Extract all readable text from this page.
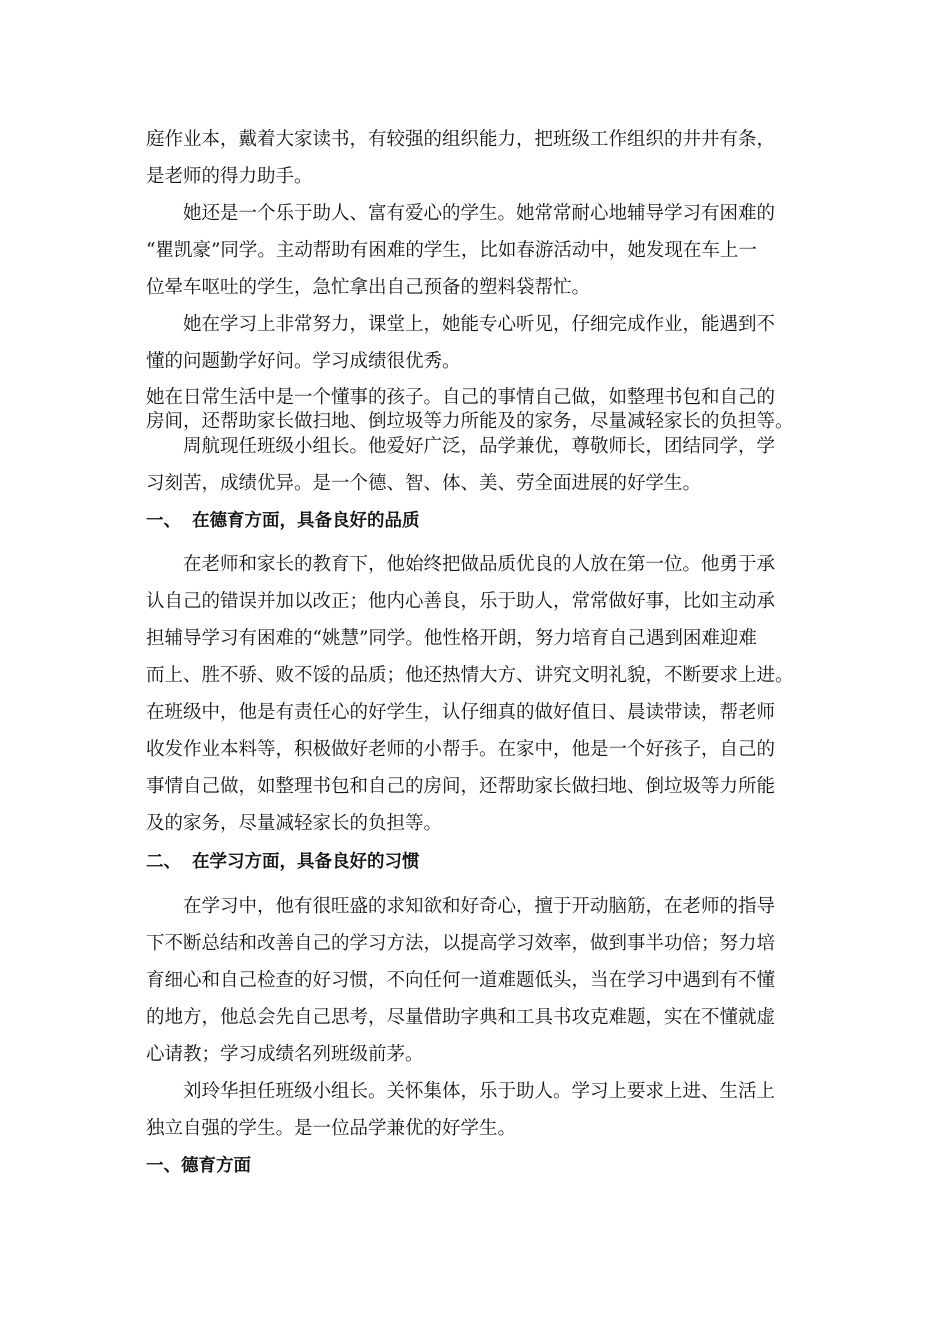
庭作业本，戴着大家读书，有较强的组织能力，把班级工作组织的井井有条，
是老师的得力助手。
她还是一个乐于助人、富有爱心的学生。她常常耐心地辅导学习有困难的
“瞿凯豪”同学。主动帮助有困难的学生，比如春游活动中，她发现在车上一
位晕车呕吐的学生，急忙拿出自己预备的塑料袋帮忙。
她在学习上非常努力，课堂上，她能专心听见，仔细完成作业，能遇到不
懂的问题勤学好问。学习成绩很优秀。
她在日常生活中是一个懂事的孩子。自己的事情自己做，如整理书包和自己的
房间，还帮助家长做扫地、倒垃圾等力所能及的家务，尽量减轻家长的负担等。
周航现任班级小组长。他爱好广泛，品学兼优，尊敬师长，团结同学，学
习刻苦，成绩优异。是一个德、智、体、美、劳全面进展的好学生。
一、 在德育方面，具备良好的品质
在老师和家长的教育下，他始终把做品质优良的人放在第一位。他勇于承
认自己的错误并加以改正；他内心善良，乐于助人，常常做好事，比如主动承
担辅导学习有困难的“姚慧”同学。他性格开朗，努力培育自己遇到困难迎难
而上、胜不骄、败不馁的品质；他还热情大方、讲究文明礼貌，不断要求上进。
在班级中，他是有责任心的好学生，认仔细真的做好值日、晨读带读，帮老师
收发作业本料等，积极做好老师的小帮手。在家中，他是一个好孩子，自己的
事情自己做，如整理书包和自己的房间，还帮助家长做扫地、倒垃圾等力所能
及的家务，尽量减轻家长的负担等。
二、 在学习方面，具备良好的习惯
在学习中，他有很旺盛的求知欲和好奇心，擅于开动脑筋，在老师的指导
下不断总结和改善自己的学习方法，以提高学习效率，做到事半功倍；努力培
育细心和自己检查的好习惯，不向任何一道难题低头，当在学习中遇到有不懂
的地方，他总会先自己思考，尽量借助字典和工具书攻克难题，实在不懂就虚
心请教；学习成绩名列班级前茅。
刘玲华担任班级小组长。关怀集体，乐于助人。学习上要求上进、生活上
独立自强的学生。是一位品学兼优的好学生。
一、德育方面
